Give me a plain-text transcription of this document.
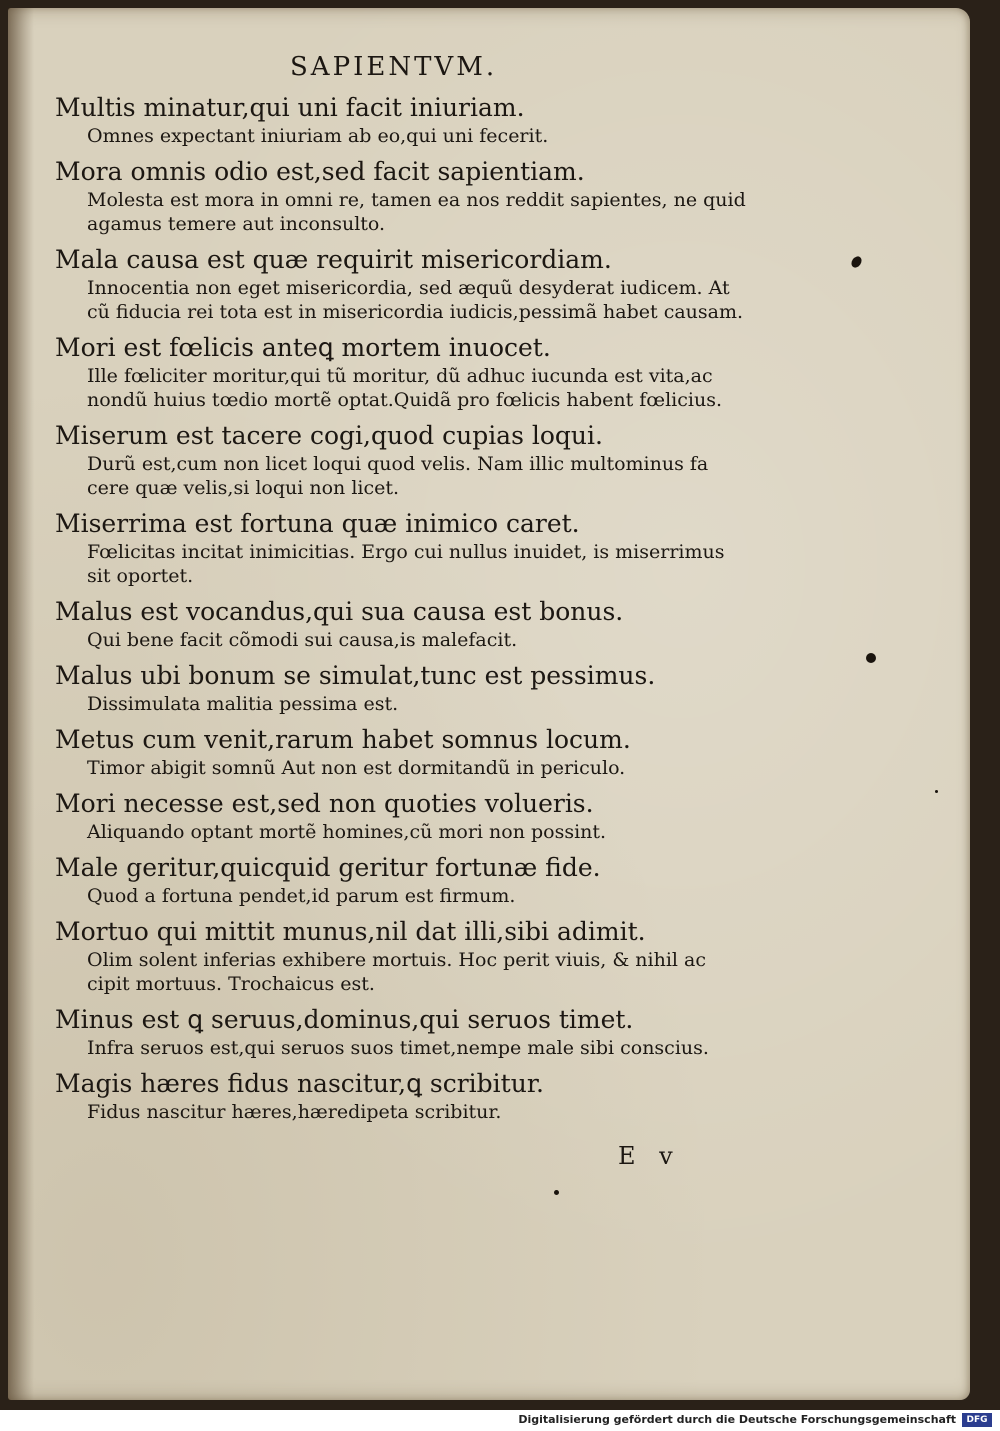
SAPIENTVM.
Multis minatur,qui uni facit iniuriam.
Omnes expectant iniuriam ab eo,qui uni fecerit.
Mora omnis odio est,sed facit sapientiam.
Molesta est mora in omni re, tamen ea nos reddit sapientes, ne quid
agamus temere aut inconsulto.
Mala causa est quæ requirit misericordiam.
Innocentia non eget misericordia, sed æquũ desyderat iudicem. At
cũ fiducia rei tota est in misericordia iudicis,pessimã habet causam.
Mori est fœlicis anteꝗ mortem inuocet.
Ille fœliciter moritur,qui tũ moritur, dũ adhuc iucunda est vita,ac
nondũ huius tœdio mortẽ optat.Quidã pro fœlicis habent fœlicius.
Miserum est tacere cogi,quod cupias loqui.
Durũ est,cum non licet loqui quod velis. Nam illic multominus fa
cere quæ velis,si loqui non licet.
Miserrima est fortuna quæ inimico caret.
Fœlicitas incitat inimicitias. Ergo cui nullus inuidet, is miserrimus
sit oportet.
Malus est vocandus,qui sua causa est bonus.
Qui bene facit cõmodi sui causa,is malefacit.
Malus ubi bonum se simulat,tunc est pessimus.
Dissimulata malitia pessima est.
Metus cum venit,rarum habet somnus locum.
Timor abigit somnũ Aut non est dormitandũ in periculo.
Mori necesse est,sed non quoties volueris.
Aliquando optant mortẽ homines,cũ mori non possint.
Male geritur,quicquid geritur fortunæ fide.
Quod a fortuna pendet,id parum est firmum.
Mortuo qui mittit munus,nil dat illi,sibi adimit.
Olim solent inferias exhibere mortuis. Hoc perit viuis, & nihil ac
cipit mortuus. Trochaicus est.
Minus est ꝗ seruus,dominus,qui seruos timet.
Infra seruos est,qui seruos suos timet,nempe male sibi conscius.
Magis hæres fidus nascitur,ꝗ scribitur.
Fidus nascitur hæres,hæredipeta scribitur.
E v
Digitalisierung gefördert durch die Deutsche Forschungsgemeinschaft	DFG
